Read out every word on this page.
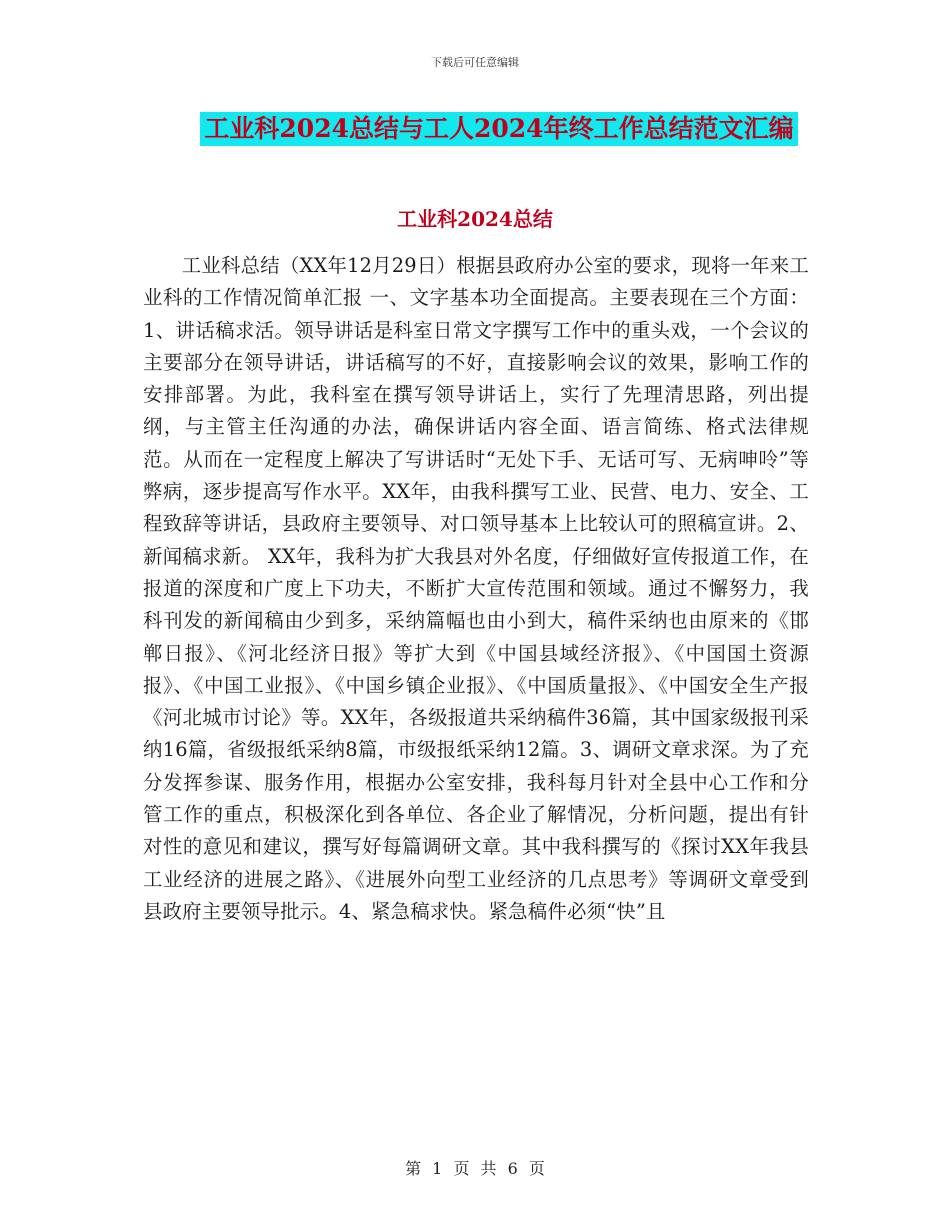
下载后可任意编辑
工业科2024总结与工人2024年终工作总结范文汇编
工业科2024总结

工业科总结（XX年12月29日）根据县政府办公室的要求，现将一年来工业科的工作情况简单汇报 一、文字基本功全面提高。主要表现在三个方面：1、讲话稿求活。领导讲话是科室日常文字撰写工作中的重头戏，一个会议的主要部分在领导讲话，讲话稿写的不好，直接影响会议的效果，影响工作的安排部署。为此，我科室在撰写领导讲话上，实行了先理清思路，列出提纲，与主管主任沟通的办法，确保讲话内容全面、语言简练、格式法律规范。从而在一定程度上解决了写讲话时“无处下手、无话可写、无病呻呤”等弊病，逐步提高写作水平。XX年，由我科撰写工业、民营、电力、安全、工程致辞等讲话，县政府主要领导、对口领导基本上比较认可的照稿宣讲。2、新闻稿求新。 XX年，我科为扩大我县对外名度，仔细做好宣传报道工作，在报道的深度和广度上下功夫，不断扩大宣传范围和领域。通过不懈努力，我科刊发的新闻稿由少到多，采纳篇幅也由小到大，稿件采纳也由原来的《邯郸日报》、《河北经济日报》等扩大到《中国县域经济报》、《中国国土资源报》、《中国工业报》、《中国乡镇企业报》、《中国质量报》、《中国安全生产报《河北城市讨论》等。XX年，各级报道共采纳稿件36篇，其中国家级报刊采纳16篇，省级报纸采纳8篇，市级报纸采纳12篇。3、调研文章求深。为了充分发挥参谋、服务作用，根据办公室安排，我科每月针对全县中心工作和分管工作的重点，积极深化到各单位、各企业了解情况，分析问题，提出有针对性的意见和建议，撰写好每篇调研文章。其中我科撰写的《探讨XX年我县工业经济的进展之路》、《进展外向型工业经济的几点思考》等调研文章受到县政府主要领导批示。4、紧急稿求快。紧急稿件必须“快”且

第 1 页 共 6 页
